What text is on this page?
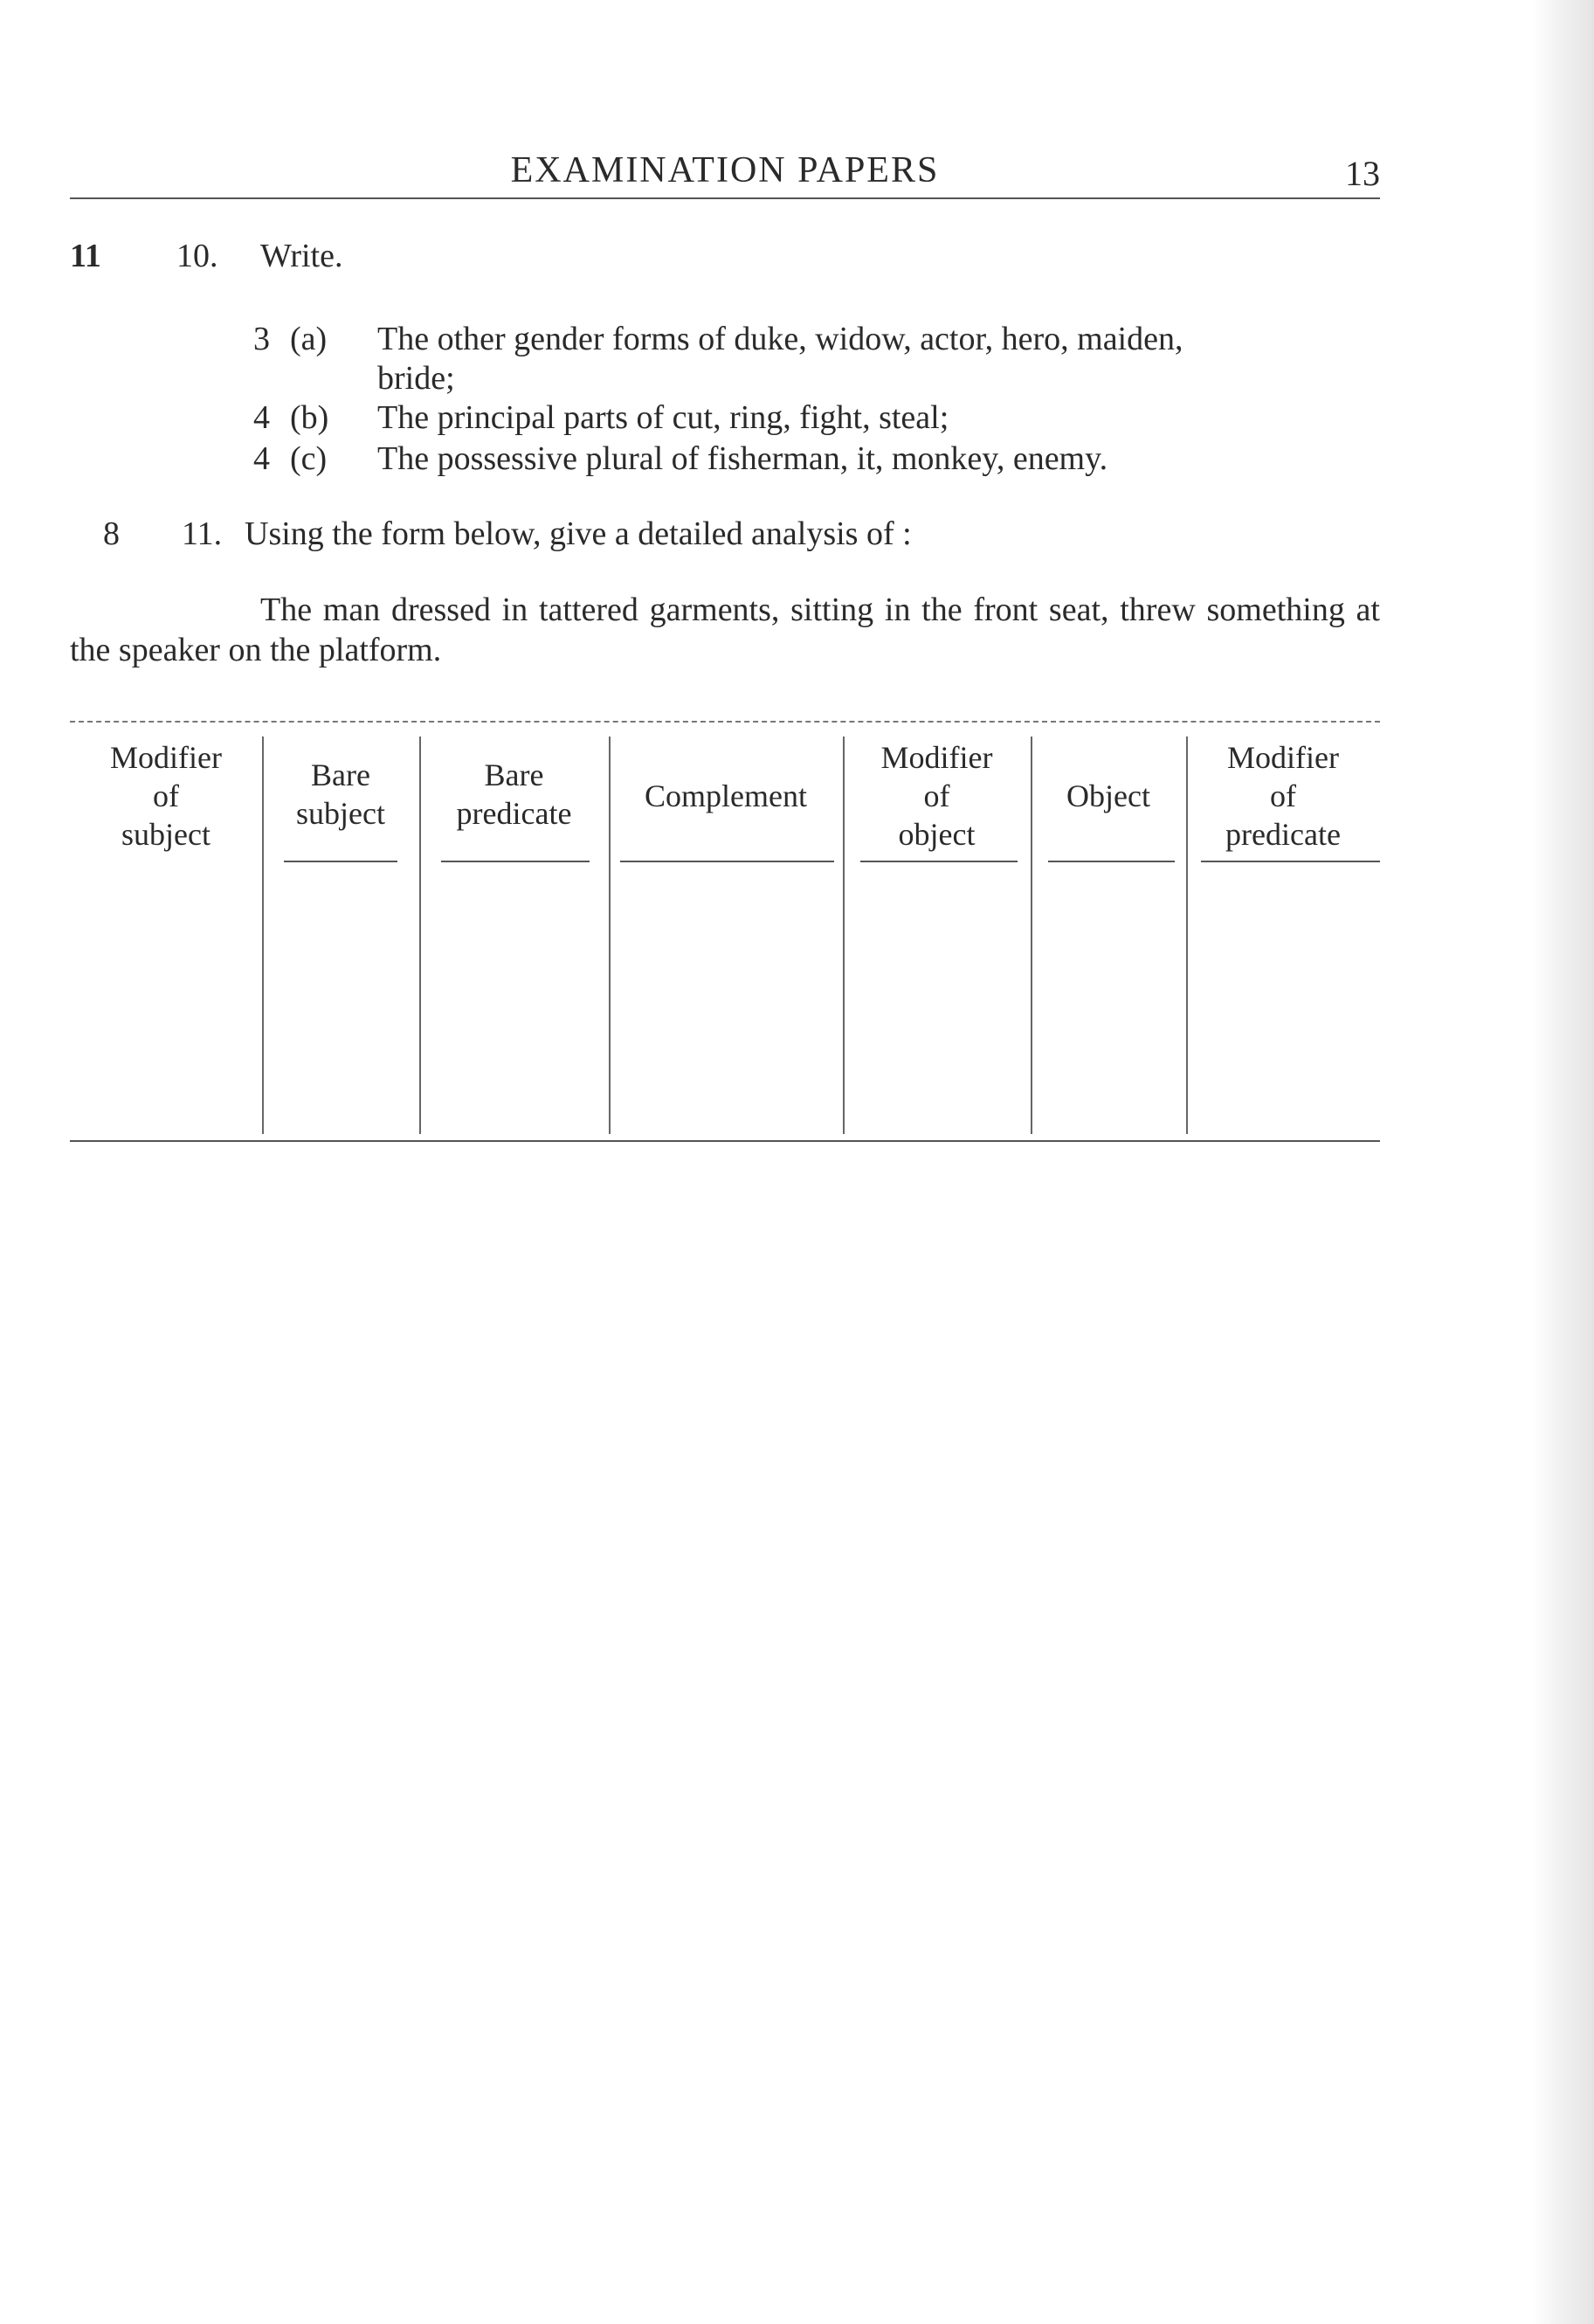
EXAMINATION PAPERS	13
11 10. Write.
3 (a) The other gender forms of duke, widow, actor, hero, maiden,
bride;
4 (b) The principal parts of cut, ring, fight, steal;
4 (c) The possessive plural of fisherman, it, monkey, enemy.
8 11. Using the form below, give a detailed analysis of :
The man dressed in tattered garments, sitting in the front seat, threw something at the speaker on the platform.
Modifier
of
subject
Bare
subject
Bare
predicate	Complement
Modifier
of
object
Object
Modifier
of
predicate
